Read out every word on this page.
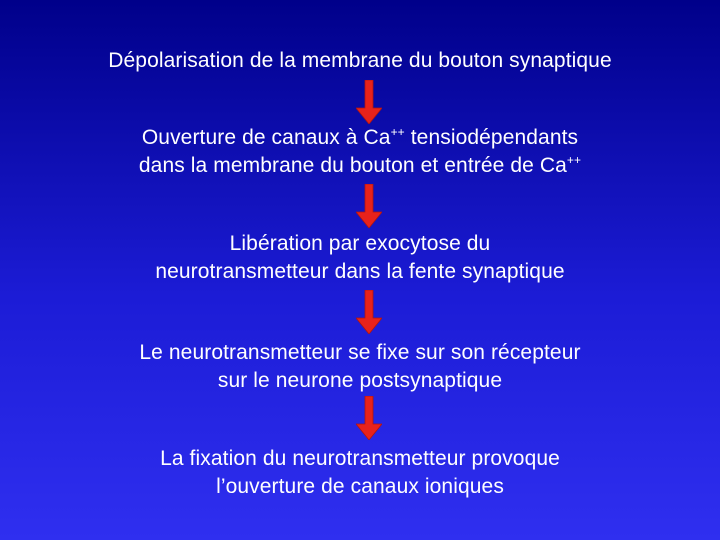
Dépolarisation de la membrane du bouton synaptique
Ouverture de canaux à Ca++ tensiodépendants
dans la membrane du bouton et entrée de Ca++
Libération par exocytose du
neurotransmetteur dans la fente synaptique
Le neurotransmetteur se fixe sur son récepteur
sur le neurone postsynaptique
La fixation du neurotransmetteur provoque
l’ouverture de canaux ioniques
